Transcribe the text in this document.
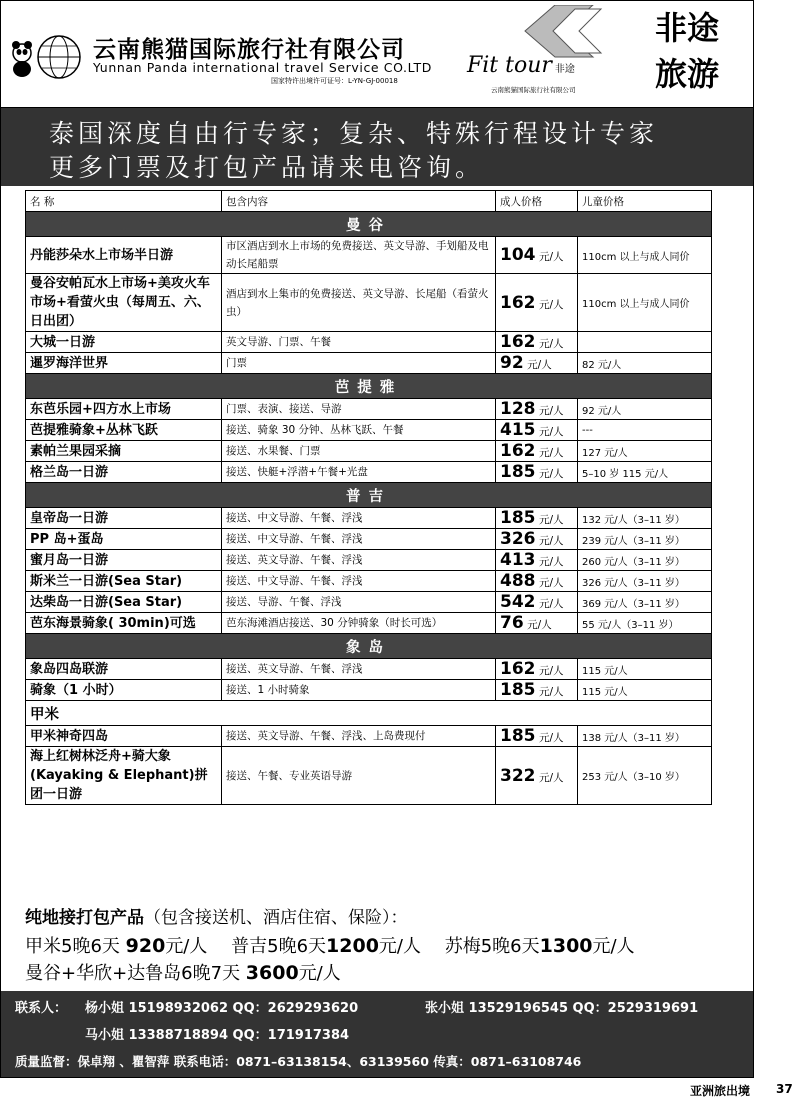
云南熊猫国际旅行社有限公司
Yunnan Panda international travel Service CO.LTD
国家特许出境许可证号：L-YN-GJ-00018
Fit tour 非途
云南熊猫国际旅行社有限公司
非途
旅游
泰国深度自由行专家；复杂、特殊行程设计专家
更多门票及打包产品请来电咨询。
名 称	包含内容	成人价格	儿童价格
曼谷			
丹能莎朵水上市场半日游	市区酒店到水上市场的免费接送、英文导游、手划船及电动长尾船票	104 元/人	110cm 以上与成人同价
曼谷安帕瓦水上市场+美攻火车市场+看萤火虫（每周五、六、日出团）	酒店到水上集市的免费接送、英文导游、长尾船（看萤火虫）	162 元/人	110cm 以上与成人同价
大城一日游	英文导游、门票、午餐	162 元/人	
暹罗海洋世界	门票	92 元/人	82 元/人
芭提雅			
东芭乐园+四方水上市场	门票、表演、接送、导游	128 元/人	92 元/人
芭提雅骑象+丛林飞跃	接送、骑象 30 分钟、丛林飞跃、午餐	415 元/人	---
素帕兰果园采摘	接送、水果餐、门票	162 元/人	127 元/人
格兰岛一日游	接送、快艇+浮潜+午餐+光盘	185 元/人	5–10 岁 115 元/人
普吉			
皇帝岛一日游	接送、中文导游、午餐、浮浅	185 元/人	132 元/人（3–11 岁）
PP 岛+蛋岛	接送、中文导游、午餐、浮浅	326 元/人	239 元/人（3–11 岁）
蜜月岛一日游	接送、英文导游、午餐、浮浅	413 元/人	260 元/人（3–11 岁）
斯米兰一日游(Sea Star)	接送、中文导游、午餐、浮浅	488 元/人	326 元/人（3–11 岁）
达柴岛一日游(Sea Star)	接送、导游、午餐、浮浅	542 元/人	369 元/人（3–11 岁）
芭东海景骑象( 30min)可选	芭东海滩酒店接送、30 分钟骑象（时长可选）	76 元/人	55 元/人（3–11 岁）
象岛			
象岛四岛联游	接送、英文导游、午餐、浮浅	162 元/人	115 元/人
骑象（1 小时）	接送、1 小时骑象	185 元/人	115 元/人
甲米			
甲米神奇四岛	接送、英文导游、午餐、浮浅、上岛费现付	185 元/人	138 元/人（3–11 岁）
海上红树林泛舟+骑大象(Kayaking & Elephant)拼团一日游	接送、午餐、专业英语导游	322 元/人	253 元/人（3–10 岁）
纯地接打包产品（包含接送机、酒店住宿、保险）：
甲米5晚6天 920元/人 普吉5晚6天1200元/人 苏梅5晚6天1300元/人
曼谷+华欣+达鲁岛6晚7天 3600元/人
联系人： 杨小姐 15198932062 QQ：2629293620	张小姐 13529196545 QQ：2529319691
马小姐 13388718894 QQ：171917384
质量监督：保卓翔 、瞿智萍 联系电话：0871–63138154、63139560 传真：0871–63108746
亚洲旅出境 37
